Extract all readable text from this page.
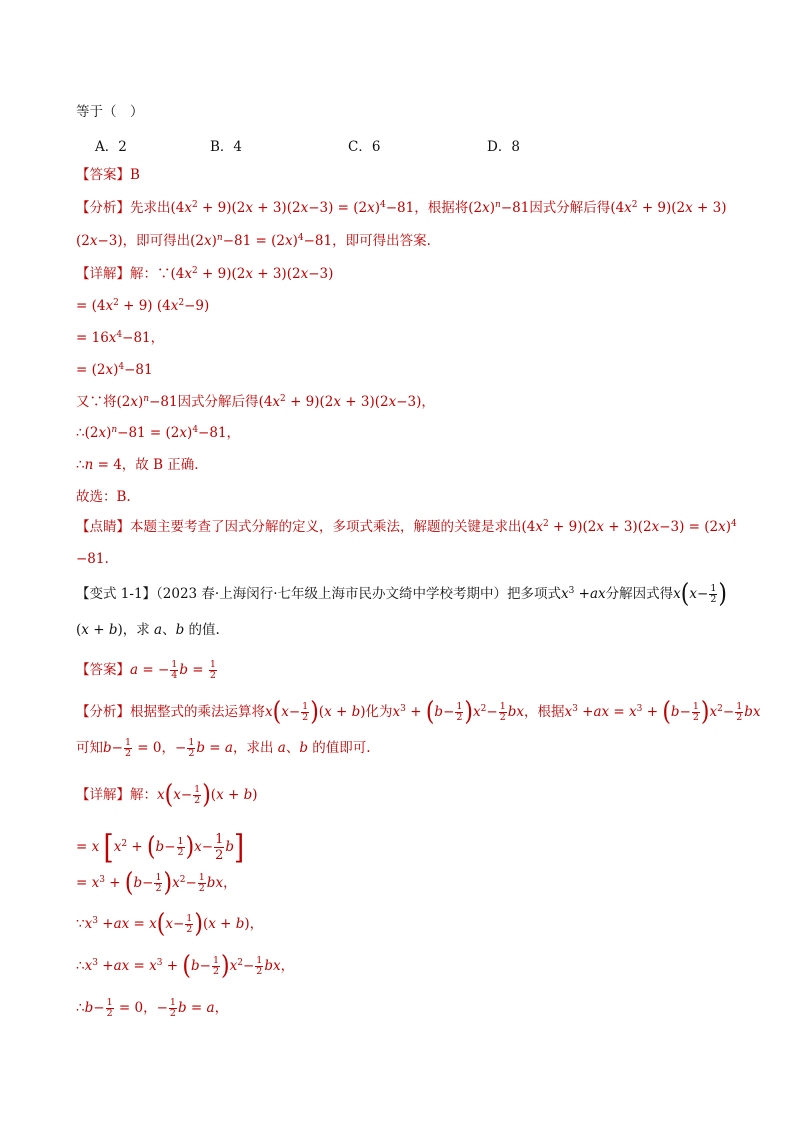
等于（　）
A．2	B．4	C．6	D．8
【答案】B
【分析】先求出$(4x^2 + 9)(2x + 3)(2x-3) = (2x)^4-81$，根据将$(2x)^n-81$因式分解后得$(4x^2 + 9)(2x + 3)$
(2x−3)，即可得出$(2x)^n-81 = (2x)^4-81$，即可得出答案.
【详解】解：$\because(4x^2 + 9)(2x + 3)(2x-3)$
= $(4x^2 + 9)$ $(4x^2-9)$
= $16x^4-81$，
= $(2x)^4-81$
又∵将$(2x)^n-81$因式分解后得$(4x^2 + 9)(2x + 3)(2x-3)$，
$\therefore(2x)^n-81 = (2x)^4-81$，
∴n = 4，故 B 正确.
故选：B.
【点睛】本题主要考查了因式分解的定义，多项式乘法，解题的关键是求出$(4x^2 + 9)(2x + 3)(2x-3) = (2x)^4$
−81.
【变式 1-1】（2023 春·上海闵行·七年级上海市民办文绮中学校考期中）把多项式$x^3 +ax$分解因式得$x(x- \frac{1}{2}$ )
(x + b)，求 a、b 的值.
【答案】a = − $\frac{1}{4}$ $b = \frac{1}{2}$
【分析】根据整式的乘法运算将$x(x- \frac{1}{2} )(x + b)$化为$x^3 + (b- \frac{1}{2} )x^2- \frac{1}{2}$ bx，根据$x^3 +ax = x^3 + (b- \frac{1}{2} )x^2- \frac{1}{2}$ bx
可知$b- \frac{1}{2} = 0$，− $\frac{1}{2}$ b = a，求出 a、b 的值即可.
【详解】解：$x(x- \frac{1}{2} )(x + b)$
= x $[x^2 + (b- \frac{1}{2} )x- \frac{1}{2} b]$
= $x^3 + (b- \frac{1}{2} )x^2- \frac{1}{2}$ bx，
$\because x^3 +ax = x(x- \frac{1}{2} )(x + b)$，
$\therefore x^3 +ax = x^3 + (b- \frac{1}{2} )x^2- \frac{1}{2}$ bx，
∴b− $\frac{1}{2} = 0$，− $\frac{1}{2}$ b = a，
